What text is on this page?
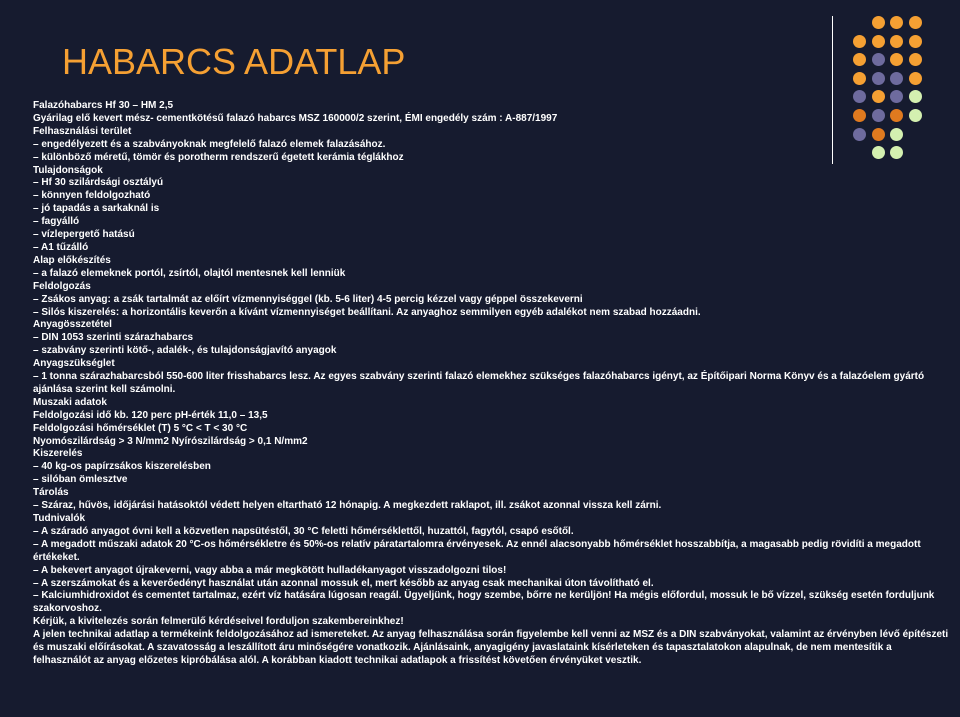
HABARCS ADATLAP
Falazóhabarcs Hf 30 – HM 2,5
Gyárilag elő kevert mész- cementkötésű falazó habarcs MSZ 160000/2 szerint, ÉMI engedély szám : A-887/1997
Felhasználási terület
– engedélyezett és a szabványoknak megfelelő falazó elemek falazásához.
– különböző méretű, tömör és porotherm rendszerű égetett kerámia téglákhoz
Tulajdonságok
– Hf 30 szilárdsági osztályú
– könnyen feldolgozható
– jó tapadás a sarkaknál is
– fagyálló
– vízlepergető hatású
– A1 tűzálló
Alap előkészítés
– a falazó elemeknek portól, zsírtól, olajtól mentesnek kell lenniük
Feldolgozás
– Zsákos anyag: a zsák tartalmát az előírt vízmennyiséggel (kb. 5-6 liter) 4-5 percig kézzel vagy géppel összekeverni
– Silós kiszerelés: a horizontális keverőn a kívánt vízmennyiséget beállítani. Az anyaghoz semmilyen egyéb adalékot nem szabad hozzáadni.
Anyagösszetétel
– DIN 1053 szerinti szárazhabarcs
– szabvány szerinti kötő-, adalék-, és tulajdonságjavító anyagok
Anyagszükséglet
– 1 tonna szárazhabarcsból 550-600 liter frisshabarcs lesz. Az egyes szabvány szerinti falazó elemekhez szükséges falazóhabarcs igényt, az Építőipari Norma Könyv és a falazóelem gyártó ajánlása szerint kell számolni.
Muszaki adatok
Feldolgozási idő kb. 120 perc pH-érték 11,0 – 13,5
Feldolgozási hőmérséklet (T) 5 °C < T < 30 °C
Nyomószilárdság > 3 N/mm2 Nyírószilárdság > 0,1 N/mm2
Kiszerelés
– 40 kg-os papírzsákos kiszerelésben
– silóban ömlesztve
Tárolás
– Száraz, hűvös, időjárási hatásoktól védett helyen eltartható 12 hónapig. A megkezdett raklapot, ill. zsákot azonnal vissza kell zárni.
Tudnivalók
– A száradó anyagot óvni kell a közvetlen napsütéstől, 30 °C feletti hőmérséklettől, huzattól, fagytól, csapó esőtől.
– A megadott műszaki adatok 20 °C-os hőmérsékletre és 50%-os relatív páratartalomra érvényesek. Az ennél alacsonyabb hőmérséklet hosszabbítja, a magasabb pedig rövidíti a megadott értékeket.
– A bekevert anyagot újrakeverni, vagy abba a már megkötött hulladékanyagot visszadolgozni tilos!
– A szerszámokat és a keverőedényt használat után azonnal mossuk el, mert később az anyag csak mechanikai úton távolítható el.
– Kalciumhidroxidot és cementet tartalmaz, ezért víz hatására lúgosan reagál. Ügyeljünk, hogy szembe, bőrre ne kerüljön! Ha mégis előfordul, mossuk le bő vízzel, szükség esetén forduljunk szakorvoshoz.
Kérjük, a kivitelezés során felmerülő kérdéseivel forduljon szakembereinkhez!
A jelen technikai adatlap a termékeink feldolgozásához ad ismereteket. Az anyag felhasználása során figyelembe kell venni az MSZ és a DIN szabványokat, valamint az érvényben lévő építészeti és muszaki előírásokat. A szavatosság a leszállított áru minőségére vonatkozik. Ajánlásaink, anyagigény javaslataink kísérleteken és tapasztalatokon alapulnak, de nem mentesítik a
felhasználót az anyag előzetes kipróbálása alól. A korábban kiadott technikai adatlapok a frissítést követően érvényüket vesztik.
